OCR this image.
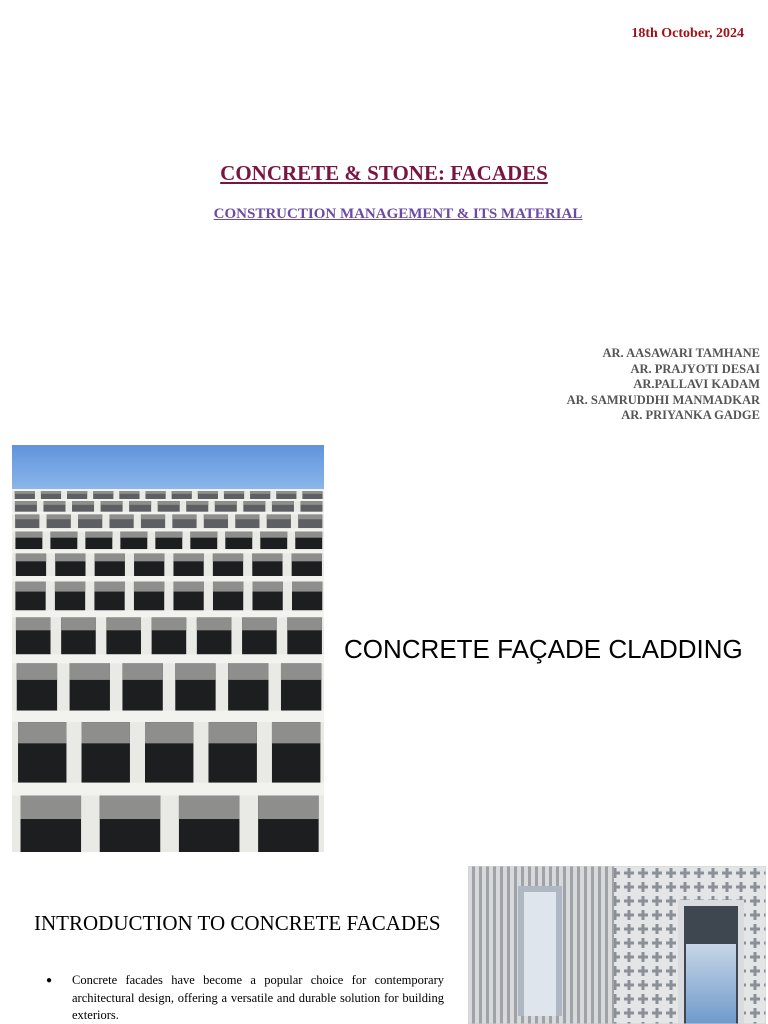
18th October, 2024
CONCRETE & STONE: FACADES
CONSTRUCTION MANAGEMENT & ITS MATERIAL
AR. AASAWARI TAMHANE
AR. PRAJYOTI DESAI
AR.PALLAVI KADAM
AR. SAMRUDDHI MANMADKAR
AR. PRIYANKA GADGE
CONCRETE FAÇADE CLADDING
INTRODUCTION TO CONCRETE FACADES
● Concrete facades have become a popular choice for contemporary architectural design, offering a versatile and durable solution for building exteriors.
